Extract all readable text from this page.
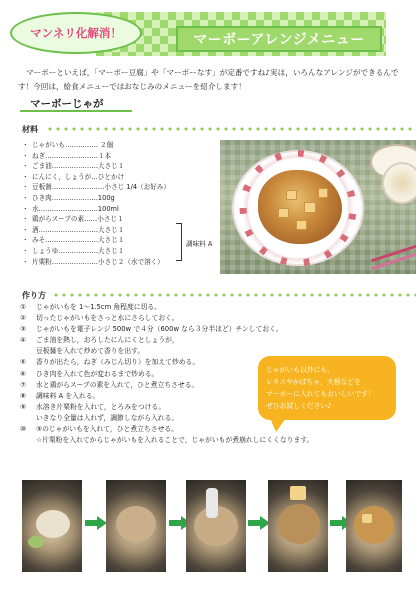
マーボーアレンジメニュー
マンネリ化解消！

マーボーといえば，「マーボー豆腐」や「マーボーなす」が定番ですね♪実は，いろんなアレンジができるんです！今回は，給食メニューではおなじみのメニューを紹介します！

マーボーじゃが
材料
・ じゃがいも…………… ２個
・ ねぎ……………………１本
・ ごま油…………………大さじ１
・ にんにく，しょうが…ひとかけ
・ 豆板醤……………………小さじ 1/4（お好み）
・ ひき肉…………………100g
・ 水………………………100ml
・ 鶏がらスープの素……小さじ１
・ 酒………………………大さじ１
・ みそ……………………大さじ１
・ しょうゆ………………大さじ１
・ 片栗粉…………………小さじ２（水で溶く）
調味料 A
作り方
① じゃがいもを 1～1.5cm 角程度に切る。
② 切ったじゃがいもをさっと水にさらしておく。
③ じゃがいもを電子レンジ 500w で４分（600w なら３分半ほど）チンしておく。
④ ごま油を熱し，おろしたにんにくとしょうが，
豆板醤を入れて炒めて香りを出す。
⑤ 香りが出たら，ねぎ（みじん切り）を加えて炒める。
⑥ ひき肉を入れて色が変わるまで炒める。
⑦ 水と鶏がらスープの素を入れて，ひと煮立ちさせる。
⑧ 調味料 A を入れる。
⑨ 水溶き片栗粉を入れて，とろみをつける。
いきなり全量は入れず，調節しながら入れる。
⑩ ③のじゃがいもを入れて，ひと煮立ちさせる。
☆片栗粉を入れてからじゃがいもを入れることで，じゃがいもが煮崩れしにくくなります。

じゃがいも以外にも，

レタスやかぼちゃ，大根などを

マーボーに入れてもおいしいです！

ぜひお試しください♪
